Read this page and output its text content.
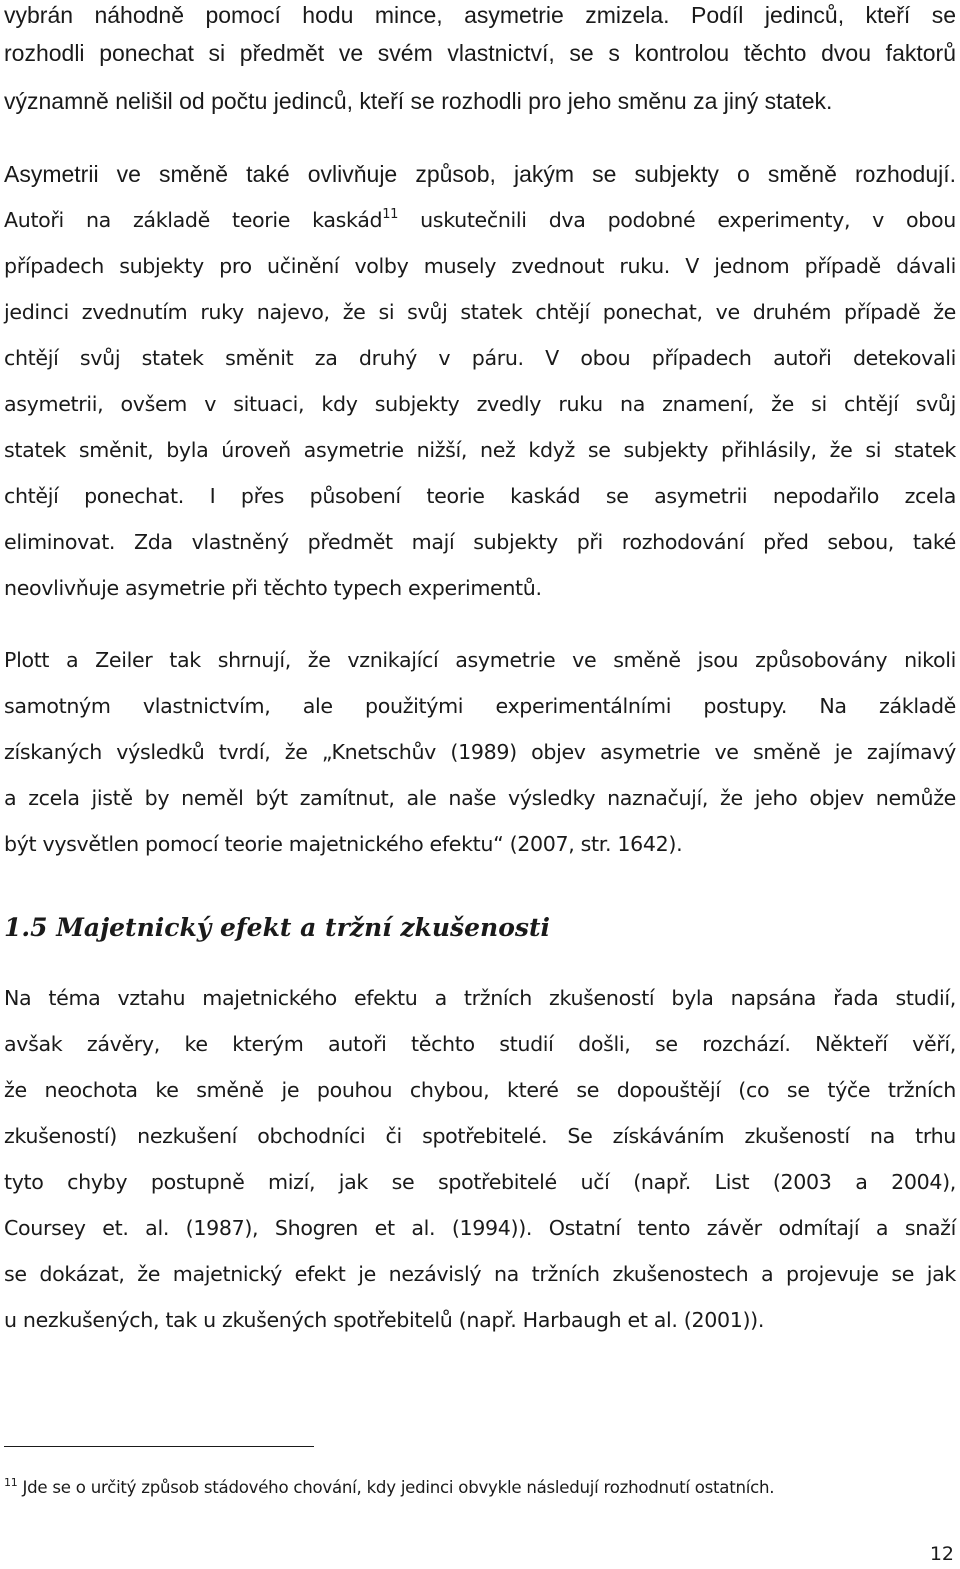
vybrán náhodně pomocí hodu mince, asymetrie zmizela. Podíl jedinců, kteří se
rozhodli ponechat si předmět ve svém vlastnictví, se s kontrolou těchto dvou faktorů
významně nelišil od počtu jedinců, kteří se rozhodli pro jeho směnu za jiný statek.
Asymetrii ve směně také ovlivňuje způsob, jakým se subjekty o směně rozhodují.
Autoři na základě teorie kaskád$^{11}$ uskutečnili dva podobné experimenty, v obou
případech subjekty pro učinění volby musely zvednout ruku. V jednom případě dávali
jedinci zvednutím ruky najevo, že si svůj statek chtějí ponechat, ve druhém případě že
chtějí svůj statek směnit za druhý v páru. V obou případech autoři detekovali
asymetrii, ovšem v situaci, kdy subjekty zvedly ruku na znamení, že si chtějí svůj
statek směnit, byla úroveň asymetrie nižší, než když se subjekty přihlásily, že si statek
chtějí ponechat. I přes působení teorie kaskád se asymetrii nepodařilo zcela
eliminovat. Zda vlastněný předmět mají subjekty při rozhodování před sebou, také
neovlivňuje asymetrie při těchto typech experimentů.
Plott a Zeiler tak shrnují, že vznikající asymetrie ve směně jsou způsobovány nikoli
samotným vlastnictvím, ale použitými experimentálními postupy. Na základě
získaných výsledků tvrdí, že „Knetschův (1989) objev asymetrie ve směně je zajímavý
a zcela jistě by neměl být zamítnut, ale naše výsledky naznačují, že jeho objev nemůže
být vysvětlen pomocí teorie majetnického efektu“ (2007, str. 1642).
1.5 Majetnický efekt a tržní zkušenosti
Na téma vztahu majetnického efektu a tržních zkušeností byla napsána řada studií,
avšak závěry, ke kterým autoři těchto studií došli, se rozchází. Někteří věří,
že neochota ke směně je pouhou chybou, které se dopouštějí (co se týče tržních
zkušeností) nezkušení obchodníci či spotřebitelé. Se získáváním zkušeností na trhu
tyto chyby postupně mizí, jak se spotřebitelé učí (např. List (2003 a 2004),
Coursey et. al. (1987), Shogren et al. (1994)). Ostatní tento závěr odmítají a snaží
se dokázat, že majetnický efekt je nezávislý na tržních zkušenostech a projevuje se jak
u nezkušených, tak u zkušených spotřebitelů (např. Harbaugh et al. (2001)).
$^{11}$ Jde se o určitý způsob stádového chování, kdy jedinci obvykle následují rozhodnutí ostatních.
12
